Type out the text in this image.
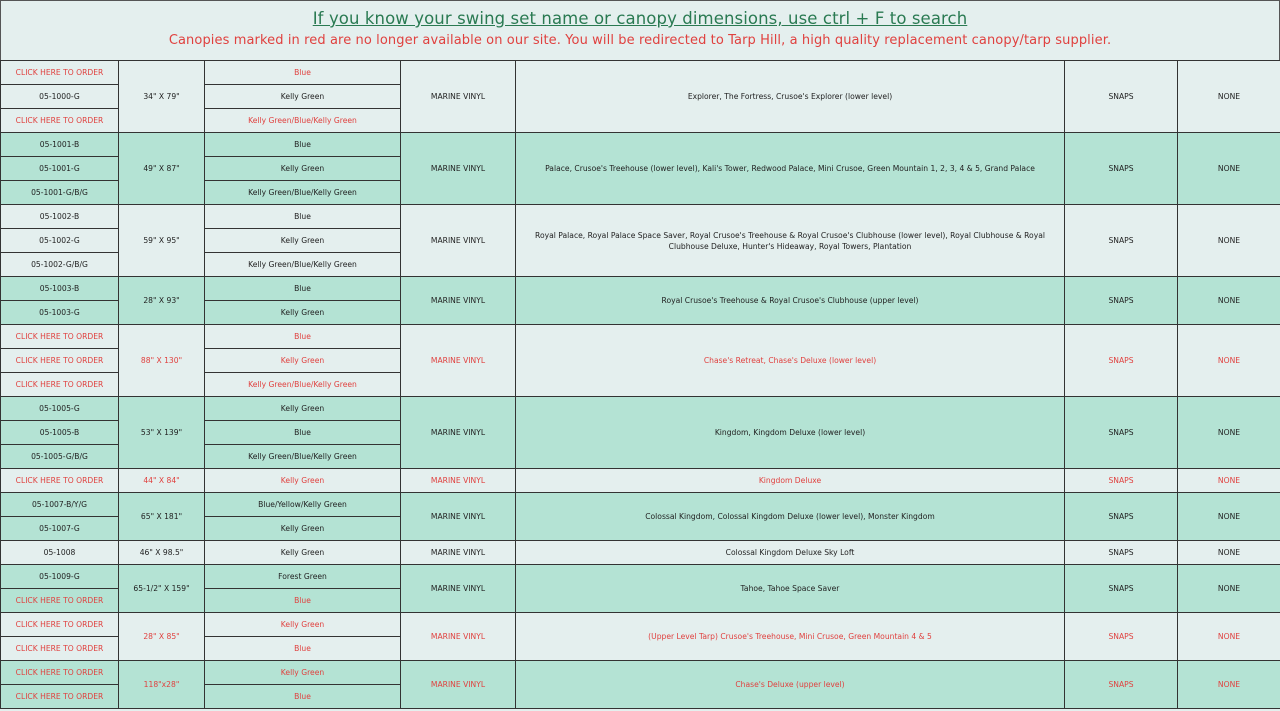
If you know your swing set name or canopy dimensions, use ctrl + F to search
Canopies marked in red are no longer available on our site. You will be redirected to Tarp Hill, a high quality replacement canopy/tarp supplier.
CLICK HERE TO ORDER	34" X 79"	Blue	MARINE VINYL	Explorer, The Fortress, Crusoe's Explorer (lower level)	SNAPS	NONE
05-1000-G		Kelly Green				
CLICK HERE TO ORDER		Kelly Green/Blue/Kelly Green				
05-1001-B	49" X 87"	Blue	MARINE VINYL	Palace, Crusoe's Treehouse (lower level), Kali's Tower, Redwood Palace, Mini Crusoe, Green Mountain 1, 2, 3, 4 & 5, Grand Palace	SNAPS	NONE
05-1001-G		Kelly Green				
05-1001-G/B/G		Kelly Green/Blue/Kelly Green				
05-1002-B	59" X 95"	Blue	MARINE VINYL	Royal Palace, Royal Palace Space Saver, Royal Crusoe's Treehouse & Royal Crusoe's Clubhouse (lower level), Royal Clubhouse & Royal Clubhouse Deluxe, Hunter's Hideaway, Royal Towers, Plantation	SNAPS	NONE
05-1002-G		Kelly Green				
05-1002-G/B/G		Kelly Green/Blue/Kelly Green				
05-1003-B	28" X 93"	Blue	MARINE VINYL	Royal Crusoe's Treehouse & Royal Crusoe's Clubhouse (upper level)	SNAPS	NONE
05-1003-G		Kelly Green				
CLICK HERE TO ORDER	88" X 130"	Blue	MARINE VINYL	Chase's Retreat, Chase's Deluxe (lower level)	SNAPS	NONE
CLICK HERE TO ORDER		Kelly Green				
CLICK HERE TO ORDER		Kelly Green/Blue/Kelly Green				
05-1005-G	53" X 139"	Kelly Green	MARINE VINYL	Kingdom, Kingdom Deluxe (lower level)	SNAPS	NONE
05-1005-B		Blue				
05-1005-G/B/G		Kelly Green/Blue/Kelly Green				
CLICK HERE TO ORDER	44" X 84"	Kelly Green	MARINE VINYL	Kingdom Deluxe	SNAPS	NONE
05-1007-B/Y/G	65" X 181"	Blue/Yellow/Kelly Green	MARINE VINYL	Colossal Kingdom, Colossal Kingdom Deluxe (lower level), Monster Kingdom	SNAPS	NONE
05-1007-G		Kelly Green				
05-1008	46" X 98.5"	Kelly Green	MARINE VINYL	Colossal Kingdom Deluxe Sky Loft	SNAPS	NONE
05-1009-G	65-1/2" X 159"	Forest Green	MARINE VINYL	Tahoe, Tahoe Space Saver	SNAPS	NONE
CLICK HERE TO ORDER		Blue				
CLICK HERE TO ORDER	28" X 85"	Kelly Green	MARINE VINYL	(Upper Level Tarp) Crusoe's Treehouse, Mini Crusoe, Green Mountain 4 & 5	SNAPS	NONE
CLICK HERE TO ORDER		Blue				
CLICK HERE TO ORDER	118"x28"	Kelly Green	MARINE VINYL	Chase's Deluxe (upper level)	SNAPS	NONE
CLICK HERE TO ORDER		Blue				
